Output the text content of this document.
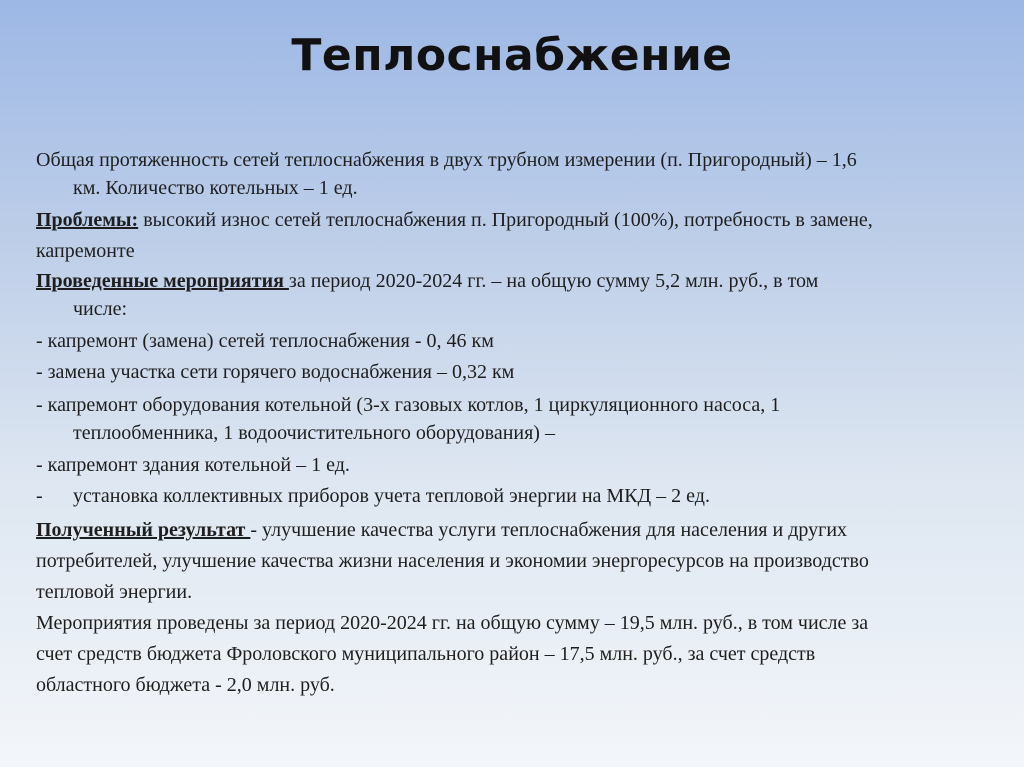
Теплоснабжение
Общая протяженность сетей теплоснабжения в двух трубном измерении (п. Пригородный) – 1,6
км. Количество котельных – 1 ед.
Проблемы: высокий износ сетей теплоснабжения п. Пригородный (100%), потребность в замене,
капремонте
Проведенные мероприятия за период 2020-2024 гг. – на общую сумму 5,2 млн. руб., в том
числе:
- капремонт (замена) сетей теплоснабжения - 0, 46 км
- замена участка сети горячего водоснабжения – 0,32 км
- капремонт оборудования котельной (3-х газовых котлов, 1 циркуляционного насоса, 1
теплообменника, 1 водоочистительного оборудования) –
- капремонт здания котельной – 1 ед.
- установка коллективных приборов учета тепловой энергии на МКД – 2 ед.
Полученный результат - улучшение качества услуги теплоснабжения для населения и других
потребителей, улучшение качества жизни населения и экономии энергоресурсов на производство
тепловой энергии.
Мероприятия проведены за период 2020-2024 гг. на общую сумму – 19,5 млн. руб., в том числе за
счет средств бюджета Фроловского муниципального район – 17,5 млн. руб., за счет средств
областного бюджета - 2,0 млн. руб.
